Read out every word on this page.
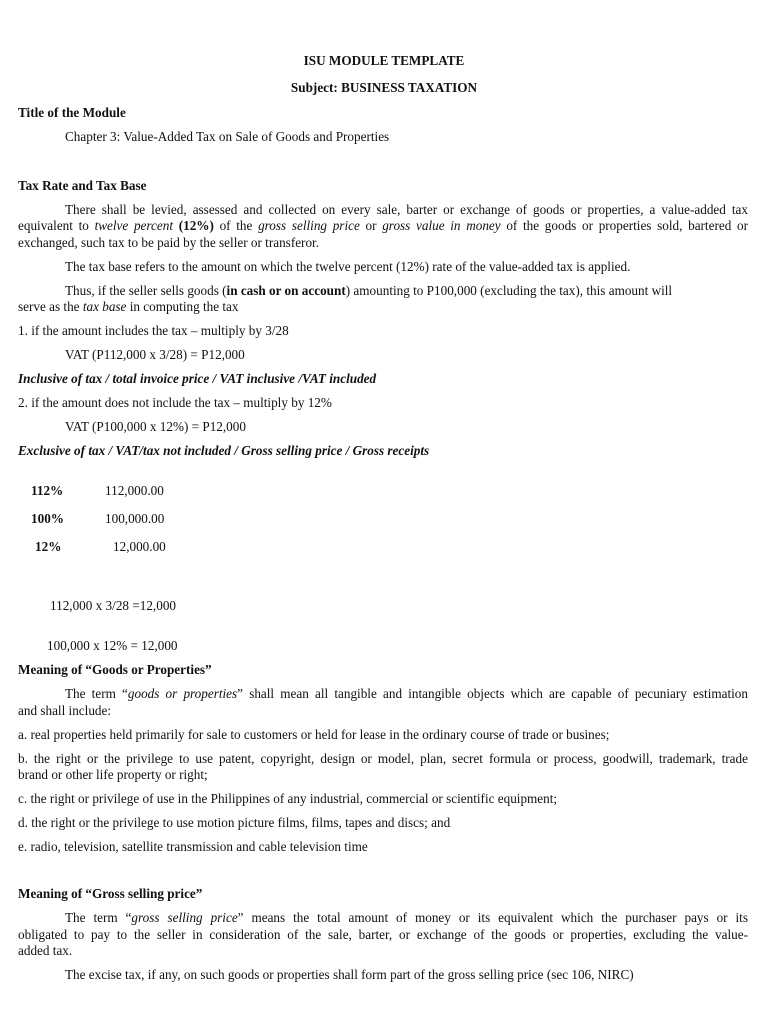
ISU MODULE TEMPLATE
Subject: BUSINESS TAXATION
Title of the Module
Chapter 3: Value-Added Tax on Sale of Goods and Properties
Tax Rate and Tax Base
There shall be levied, assessed and collected on every sale, barter or exchange of goods or properties, a value-added tax
equivalent to twelve percent (12%) of the gross selling price or gross value in money of the goods or properties sold, bartered or
exchanged, such tax to be paid by the seller or transferor.
The tax base refers to the amount on which the twelve percent (12%) rate of the value-added tax is applied.
Thus, if the seller sells goods (in cash or on account) amounting to P100,000 (excluding the tax), this amount will
serve as the tax base in computing the tax
1. if the amount includes the tax – multiply by 3/28
VAT (P112,000 x 3/28) = P12,000
Inclusive of tax / total invoice price / VAT inclusive /VAT included
2. if the amount does not include the tax – multiply by 12%
VAT (P100,000 x 12%) = P12,000
Exclusive of tax / VAT/tax not included / Gross selling price / Gross receipts
112%	112,000.00
100%	100,000.00
12%	12,000.00
112,000 x 3/28 =12,000
100,000 x 12% = 12,000
Meaning of “Goods or Properties”
The term “goods or properties” shall mean all tangible and intangible objects which are capable of pecuniary estimation
and shall include:
a. real properties held primarily for sale to customers or held for lease in the ordinary course of trade or busines;
b. the right or the privilege to use patent, copyright, design or model, plan, secret formula or process, goodwill, trademark, trade
brand or other life property or right;
c. the right or privilege of use in the Philippines of any industrial, commercial or scientific equipment;
d. the right or the privilege to use motion picture films, films, tapes and discs; and
e. radio, television, satellite transmission and cable television time
Meaning of “Gross selling price”
The term “gross selling price” means the total amount of money or its equivalent which the purchaser pays or its
obligated to pay to the seller in consideration of the sale, barter, or exchange of the goods or properties, excluding the value-
added tax.
The excise tax, if any, on such goods or properties shall form part of the gross selling price (sec 106, NIRC)
